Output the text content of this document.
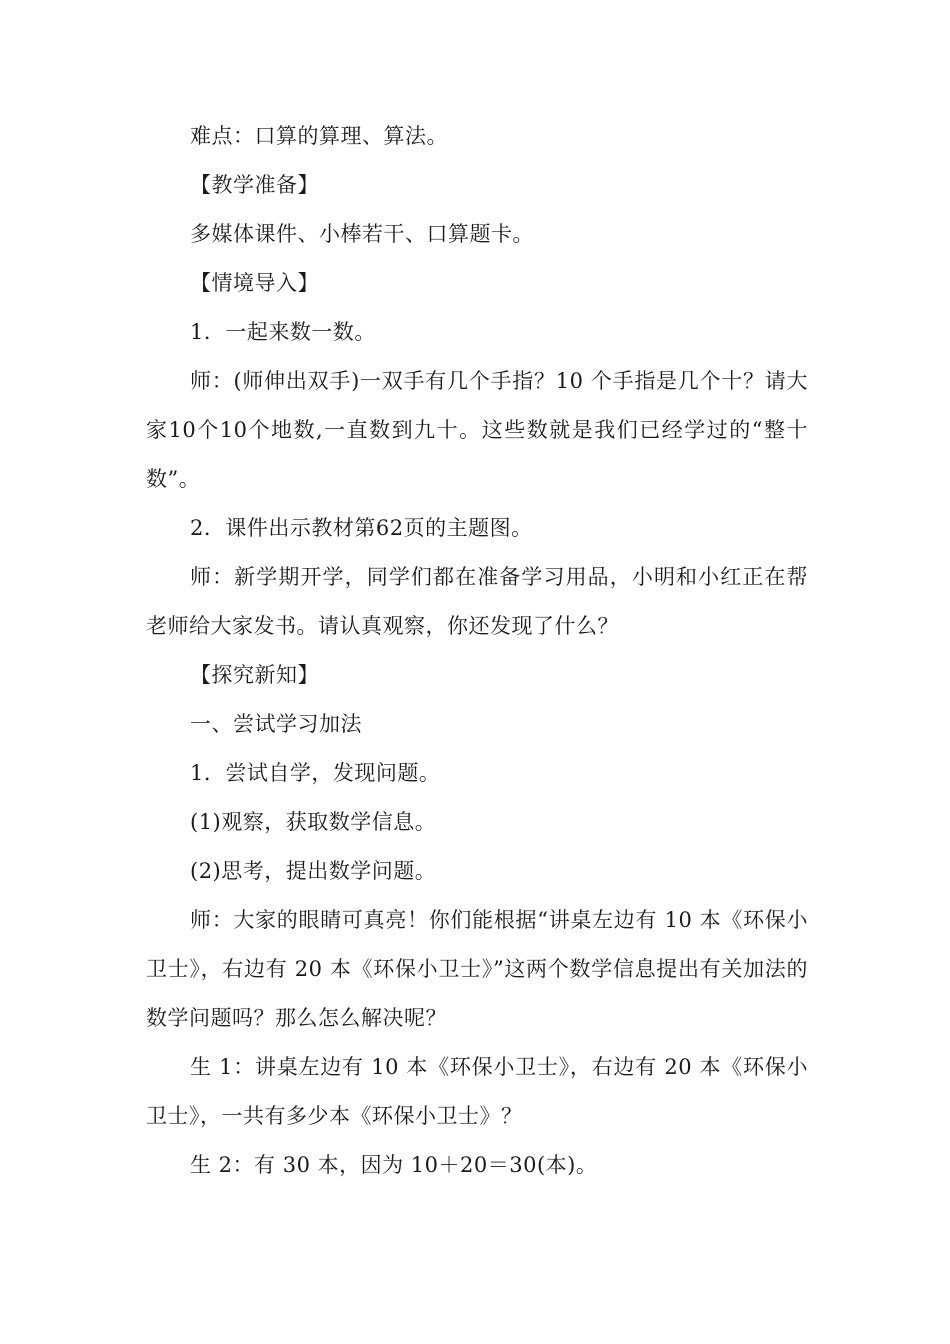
难点：口算的算理、算法。

【教学准备】

多媒体课件、小棒若干、口算题卡。

【情境导入】

1．一起来数一数。

师：(师伸出双手)一双手有几个手指？10 个手指是几个十？请大家10个10个地数,一直数到九十。这些数就是我们已经学过的“整十数”。

2．课件出示教材第62页的主题图。

师：新学期开学，同学们都在准备学习用品，小明和小红正在帮老师给大家发书。请认真观察，你还发现了什么？

【探究新知】

一、尝试学习加法

1．尝试自学，发现问题。

(1)观察，获取数学信息。

(2)思考，提出数学问题。

师：大家的眼睛可真亮！你们能根据“讲桌左边有 10 本《环保小卫士》，右边有 20 本《环保小卫士》”这两个数学信息提出有关加法的数学问题吗？那么怎么解决呢？

生 1：讲桌左边有 10 本《环保小卫士》，右边有 20 本《环保小卫士》，一共有多少本《环保小卫士》？

生 2：有 30 本，因为 10＋20＝30(本)。
